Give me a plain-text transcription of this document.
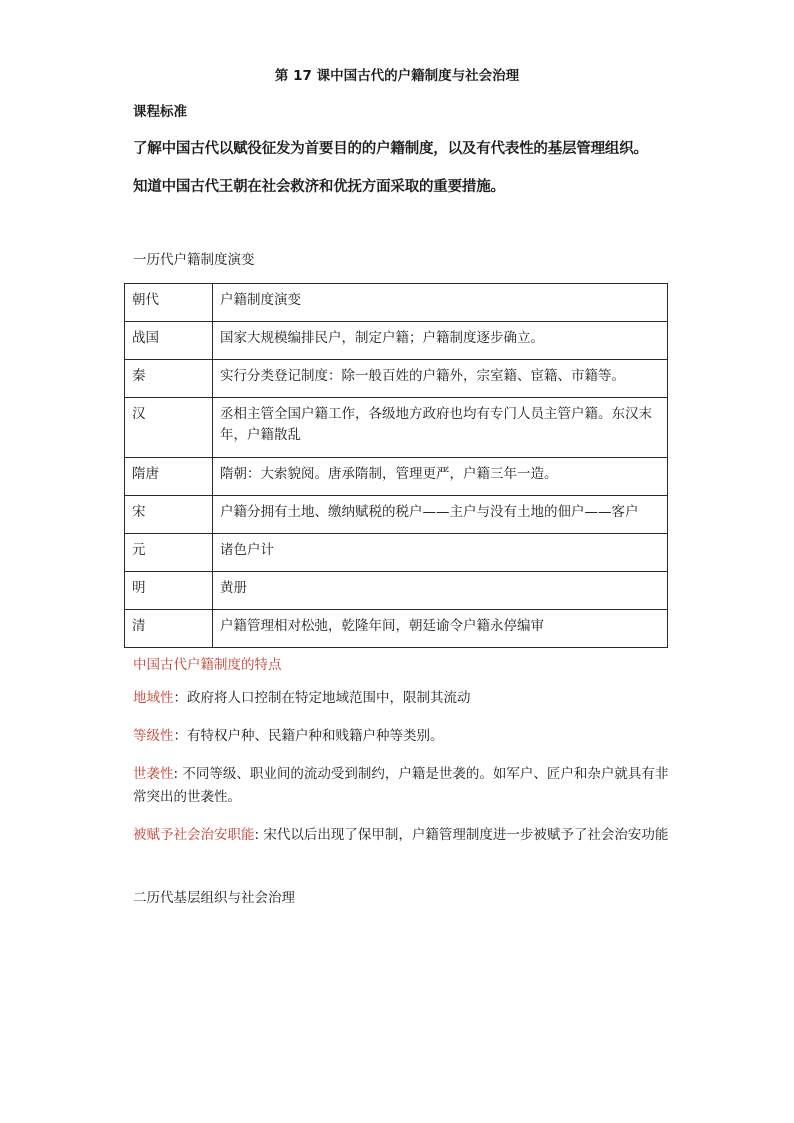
第 17 课中国古代的户籍制度与社会治理
课程标准
了解中国古代以赋役征发为首要目的的户籍制度，以及有代表性的基层管理组织。
知道中国古代王朝在社会救济和优抚方面采取的重要措施。
一历代户籍制度演变
朝代	户籍制度演变
战国	国家大规模编排民户，制定户籍；户籍制度逐步确立。
秦	实行分类登记制度：除一般百姓的户籍外，宗室籍、宦籍、市籍等。
汉	丞相主管全国户籍工作，各级地方政府也均有专门人员主管户籍。东汉末年，户籍散乱
隋唐	隋朝：大索貌阅。唐承隋制，管理更严，户籍三年一造。
宋	户籍分拥有土地、缴纳赋税的税户——主户与没有土地的佃户——客户
元	诸色户计
明	黄册
清	户籍管理相对松弛，乾隆年间，朝廷谕令户籍永停编审
中国古代户籍制度的特点
地域性：政府将人口控制在特定地域范围中，限制其流动
等级性：有特权户种、民籍户种和贱籍户种等类别。
世袭性: 不同等级、职业间的流动受到制约，户籍是世袭的。如军户、匠户和杂户就具有非常突出的世袭性。
被赋予社会治安职能: 宋代以后出现了保甲制，户籍管理制度进一步被赋予了社会治安功能
二历代基层组织与社会治理
